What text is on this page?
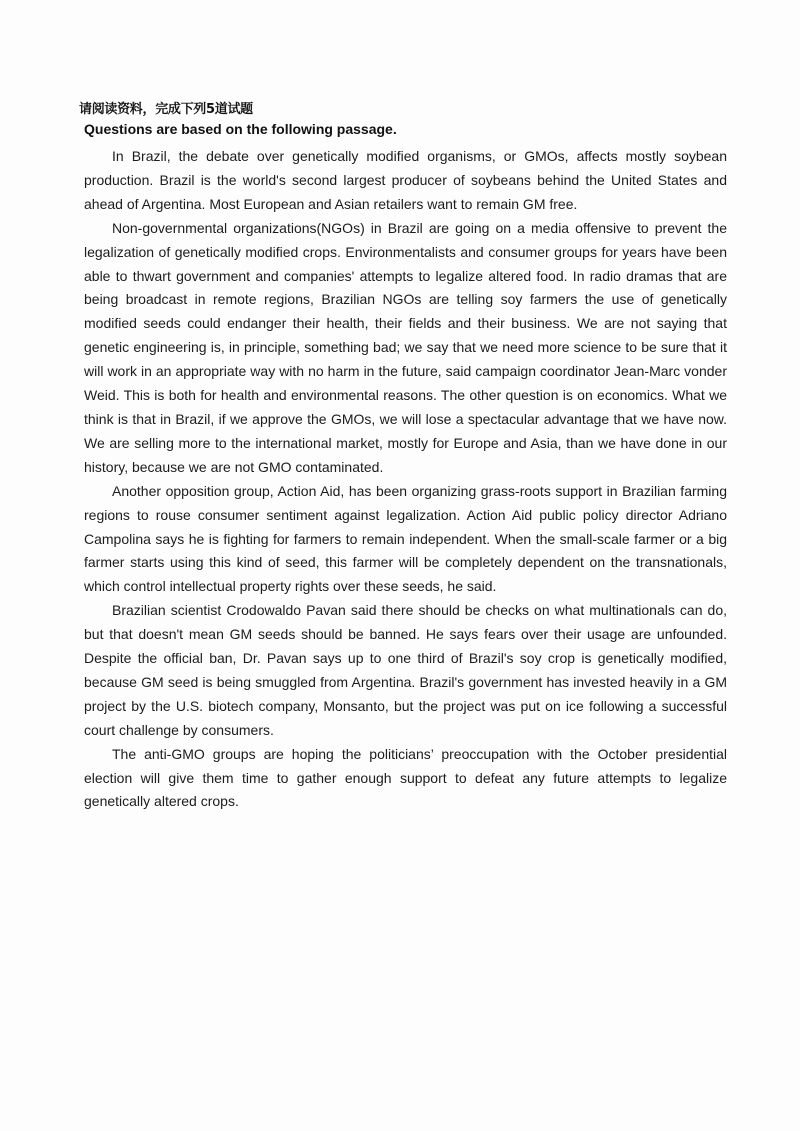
请阅读资料，完成下列5道试题
Questions are based on the following passage.

In Brazil, the debate over genetically modified organisms, or GMOs, affects mostly soybean production. Brazil is the world's second largest producer of soybeans behind the United States and ahead of Argentina. Most European and Asian retailers want to remain GM free.

Non-governmental organizations(NGOs) in Brazil are going on a media offensive to prevent the legalization of genetically modified crops. Environmentalists and consumer groups for years have been able to thwart government and companies' attempts to legalize altered food. In radio dramas that are being broadcast in remote regions, Brazilian NGOs are telling soy farmers the use of genetically modified seeds could endanger their health, their fields and their business. We are not saying that genetic engineering is, in principle, something bad; we say that we need more science to be sure that it will work in an appropriate way with no harm in the future, said campaign coordinator Jean-Marc vonder Weid. This is both for health and environmental reasons. The other question is on economics. What we think is that in Brazil, if we approve the GMOs, we will lose a spectacular advantage that we have now. We are selling more to the international market, mostly for Europe and Asia, than we have done in our history, because we are not GMO contaminated.

Another opposition group, Action Aid, has been organizing grass-roots support in Brazilian farming regions to rouse consumer sentiment against legalization. Action Aid public policy director Adriano Campolina says he is fighting for farmers to remain independent. When the small-scale farmer or a big farmer starts using this kind of seed, this farmer will be completely dependent on the transnationals, which control intellectual property rights over these seeds, he said.

Brazilian scientist Crodowaldo Pavan said there should be checks on what multinationals can do, but that doesn't mean GM seeds should be banned. He says fears over their usage are unfounded. Despite the official ban, Dr. Pavan says up to one third of Brazil's soy crop is genetically modified, because GM seed is being smuggled from Argentina. Brazil's government has invested heavily in a GM project by the U.S. biotech company, Monsanto, but the project was put on ice following a successful court challenge by consumers.

The anti-GMO groups are hoping the politicians’ preoccupation with the October presidential election will give them time to gather enough support to defeat any future attempts to legalize genetically altered crops.
